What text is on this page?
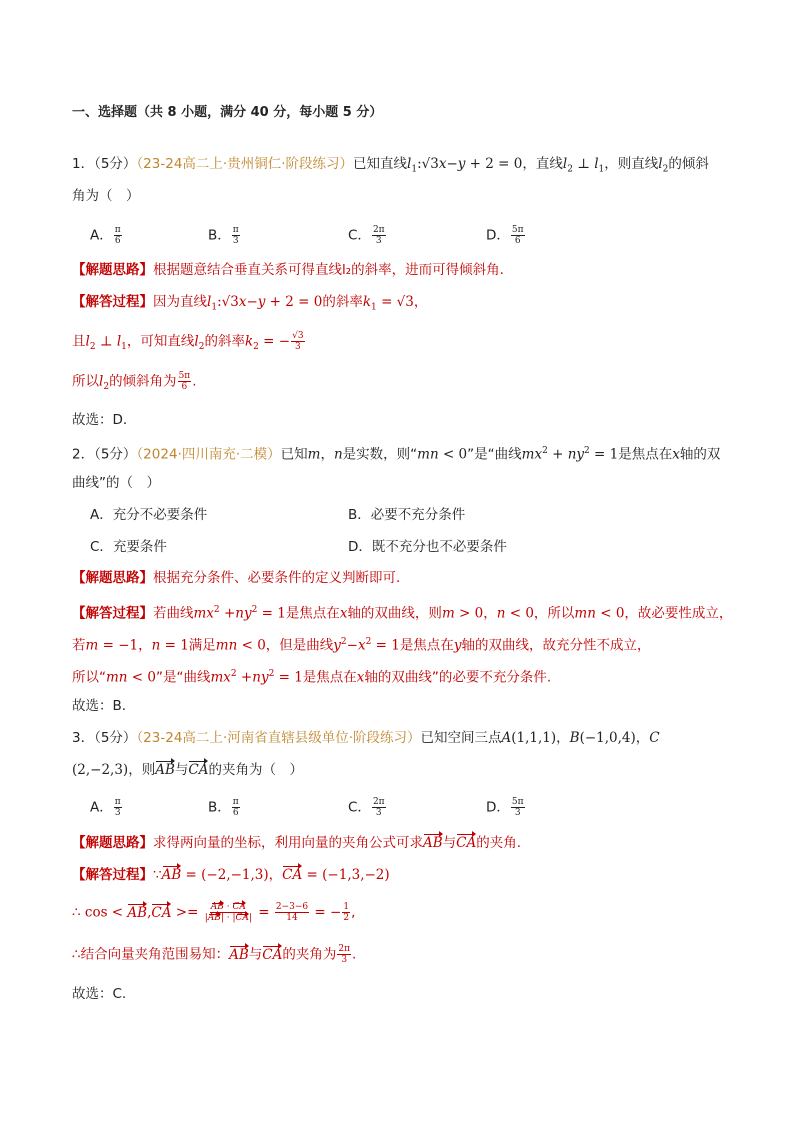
一、选择题（共 8 小题，满分 40 分，每小题 5 分）
1．（5分）（23-24高二上·贵州铜仁·阶段练习）已知直线$l_1:√3x-y + 2 = 0$，直线$l_2$ ⊥ $l_1$，则直线$l_2$的倾斜
角为（　）
A． $\frac{\pi}{6}$	B． $\frac{\pi}{3}$	C． $\frac{2\pi}{3}$	D． $\frac{5\pi}{6}$
【解题思路】根据题意结合垂直关系可得直线l₂的斜率，进而可得倾斜角.
【解答过程】因为直线$l_1:√3x-y + 2 = 0$的斜率$k_1 = √3$，
且$l_2$ ⊥ $l_1$，可知直线$l_2$的斜率$k_2$ = − $\frac{√3}{3}$
所以$l_2$的倾斜角为 $\frac{5\pi}{6}$ .
故选：D.
2．（5分）（2024·四川南充·二模）已知m，n是实数，则“mn < 0”是“曲线$mx^2 + ny^2 = 1$是焦点在x轴的双
曲线”的（　）
A．充分不必要条件	B．必要不充分条件
C．充要条件	D．既不充分也不必要条件
【解题思路】根据充分条件、必要条件的定义判断即可.
【解答过程】若曲线$mx^2 +ny^2 = 1$是焦点在x轴的双曲线，则m > 0，n < 0，所以mn < 0，故必要性成立，
若m = −1，n = 1满足mn < 0，但是曲线$y^2-x^2 = 1$是焦点在y轴的双曲线，故充分性不成立，
所以“mn < 0”是“曲线$mx^2 +ny^2 = 1$是焦点在x轴的双曲线”的必要不充分条件.
故选：B.
3．（5分）（23-24高二上·河南省直辖县级单位·阶段练习）已知空间三点A(1,1,1)，B(−1,0,4)，C
(2,−2,3)，则AB与CA的夹角为（　）
A． $\frac{\pi}{3}$	B． $\frac{\pi}{6}$	C． $\frac{2\pi}{3}$	D． $\frac{5\pi}{3}$
【解题思路】求得两向量的坐标，利用向量的夹角公式可求AB与CA的夹角.
【解答过程】∵AB = (−2,−1,3)，CA = (−1,3,−2)
∴ $\cos < AB,CA >= \frac{AB \cdot CA}{|AB| \cdot |CA|} = \frac{2-3-6}{14}$ = − $\frac{1}{2}$ ,
∴结合向量夹角范围易知：AB与CA的夹角为 $\frac{2\pi}{3}$ .
故选：C.
